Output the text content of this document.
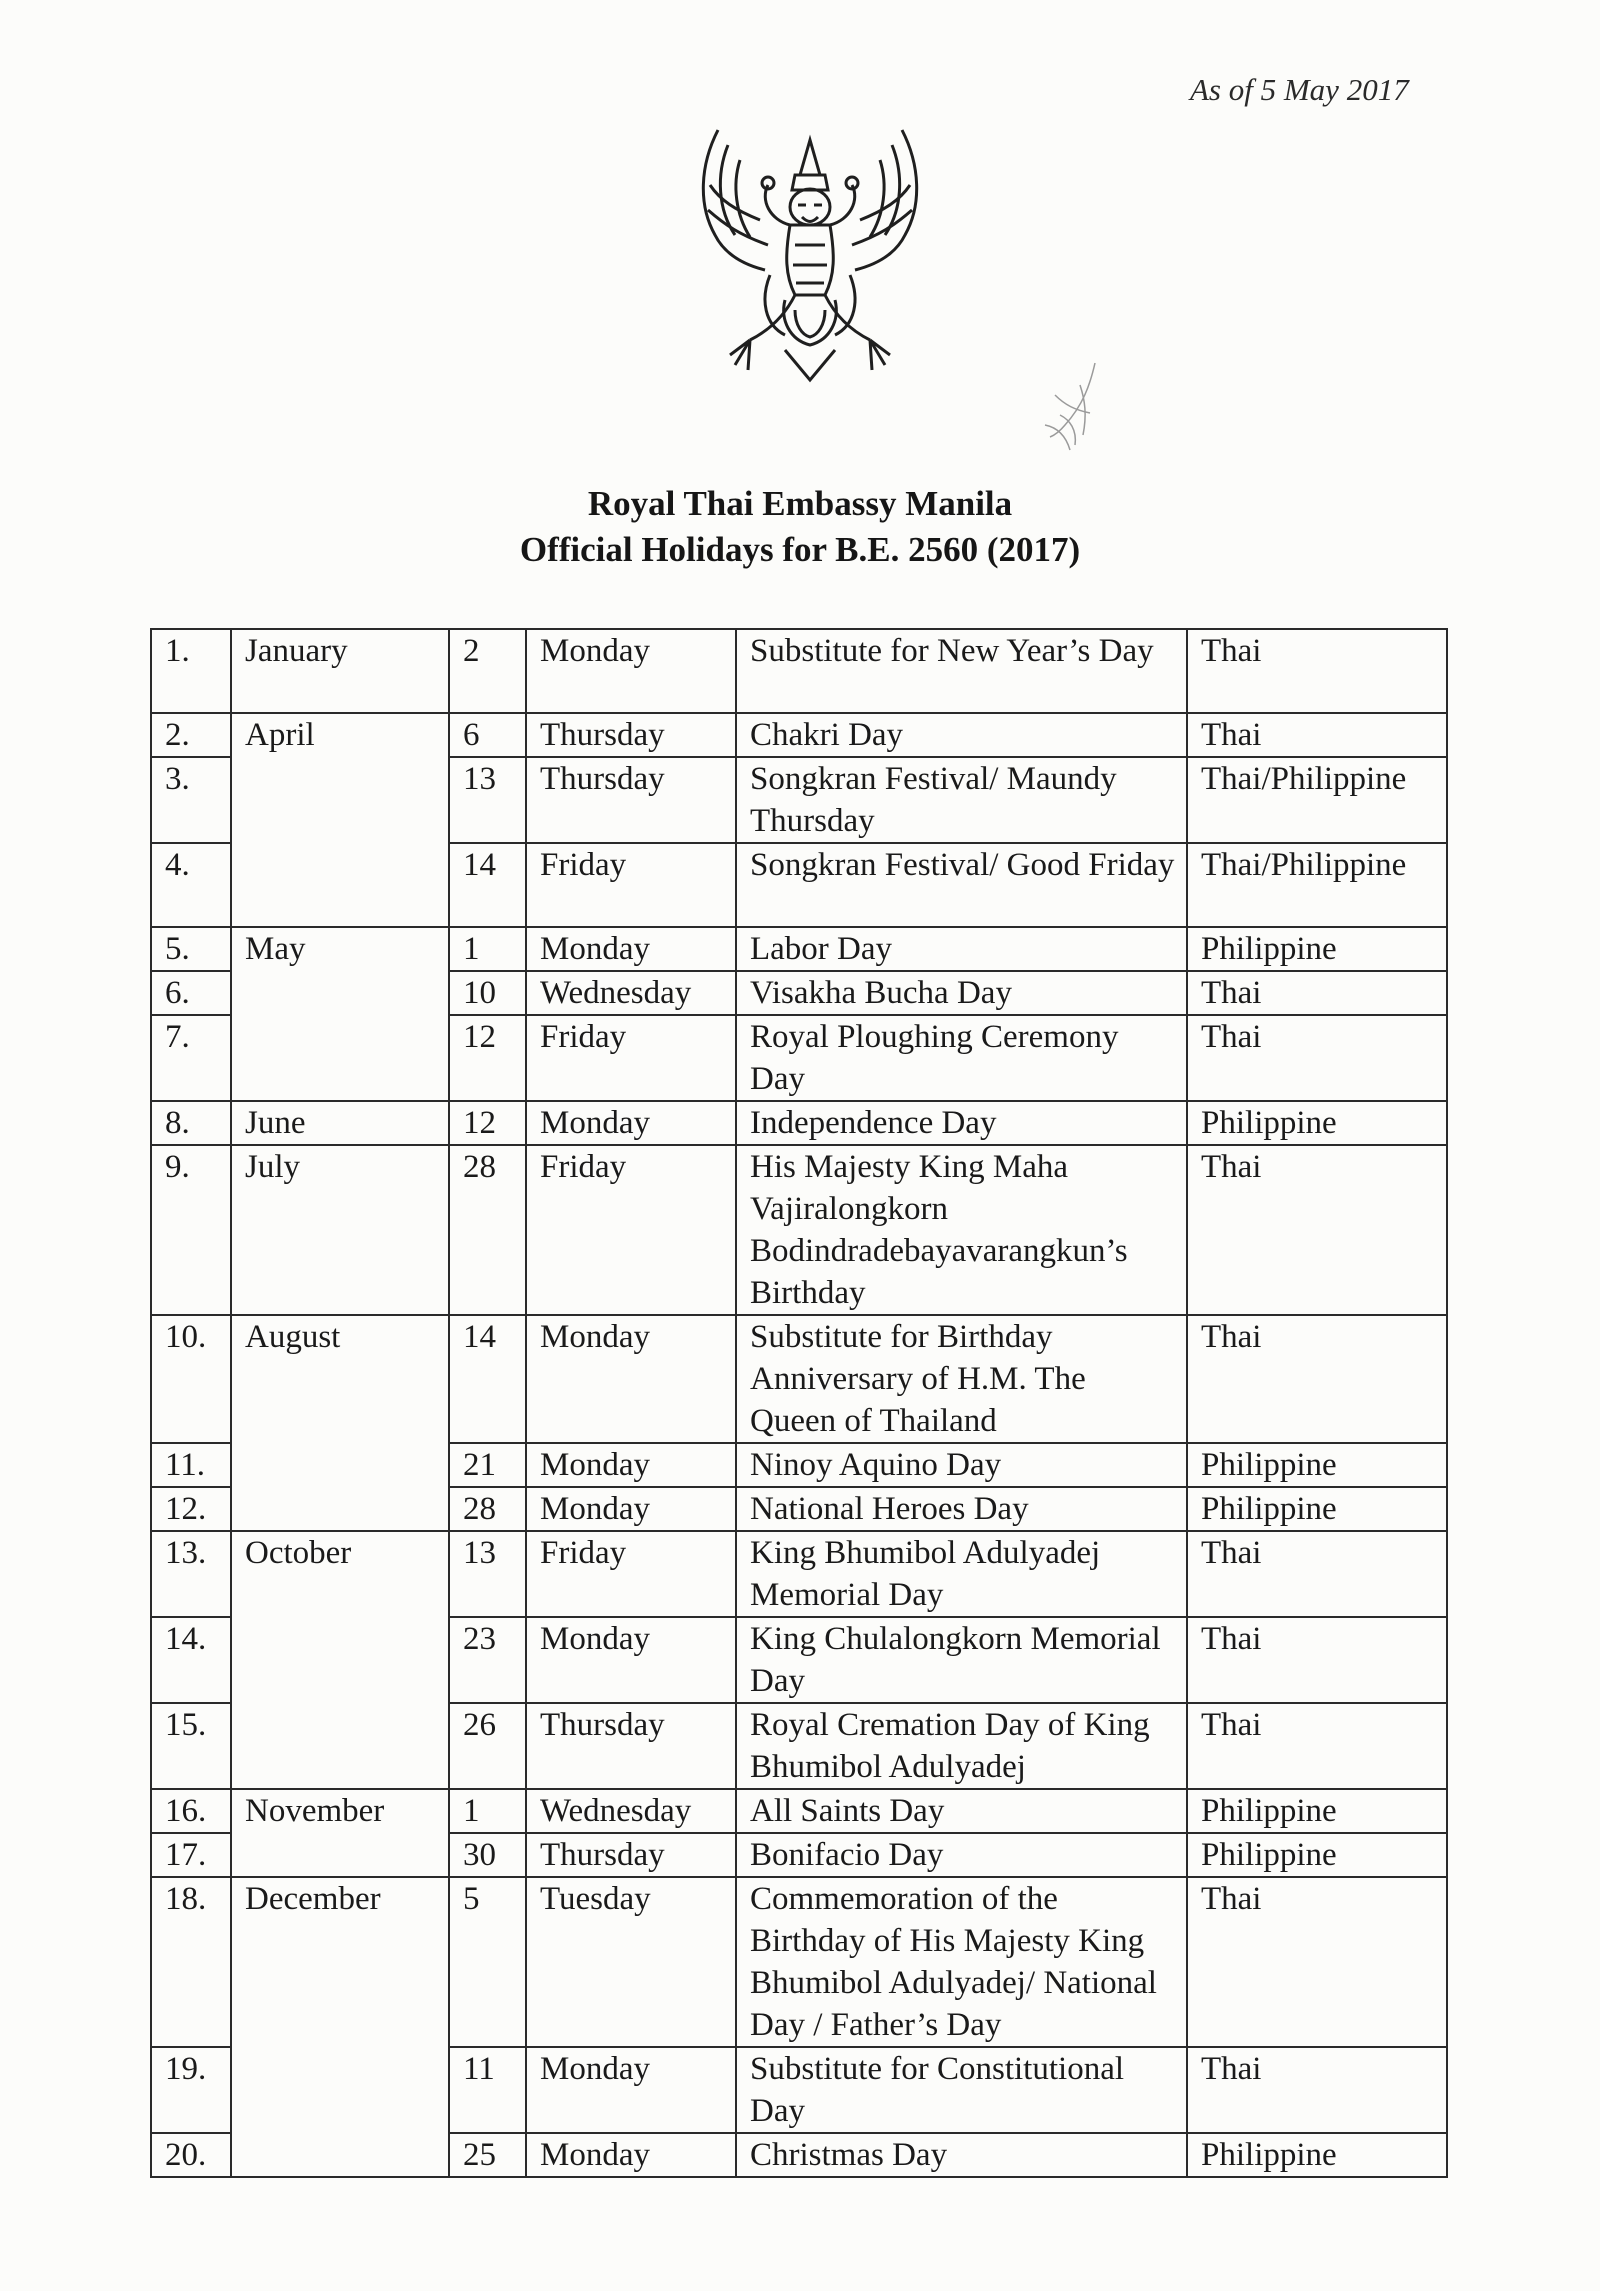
As of 5 May 2017
Royal Thai Embassy Manila
Official Holidays for B.E. 2560 (2017)
1.	January	2	Monday	Substitute for New Year’s Day	Thai
2.	April	6	Thursday	Chakri Day	Thai
3.		13	Thursday	Songkran Festival/ Maundy Thursday	Thai/Philippine
4.		14	Friday	Songkran Festival/ Good Friday	Thai/Philippine
5.	May	1	Monday	Labor Day	Philippine
6.		10	Wednesday	Visakha Bucha Day	Thai
7.		12	Friday	Royal Ploughing Ceremony Day	Thai
8.	June	12	Monday	Independence Day	Philippine
9.	July	28	Friday	His Majesty King Maha Vajiralongkorn Bodindradebayavarangkun’s Birthday	Thai
10.	August	14	Monday	Substitute for Birthday Anniversary of H.M. The Queen of Thailand	Thai
11.		21	Monday	Ninoy Aquino Day	Philippine
12.		28	Monday	National Heroes Day	Philippine
13.	October	13	Friday	King Bhumibol Adulyadej Memorial Day	Thai
14.		23	Monday	King Chulalongkorn Memorial Day	Thai
15.		26	Thursday	Royal Cremation Day of King Bhumibol Adulyadej	Thai
16.	November	1	Wednesday	All Saints Day	Philippine
17.		30	Thursday	Bonifacio Day	Philippine
18.	December	5	Tuesday	Commemoration of the Birthday of His Majesty King Bhumibol Adulyadej/ National Day / Father’s Day	Thai
19.		11	Monday	Substitute for Constitutional Day	Thai
20.		25	Monday	Christmas Day	Philippine
